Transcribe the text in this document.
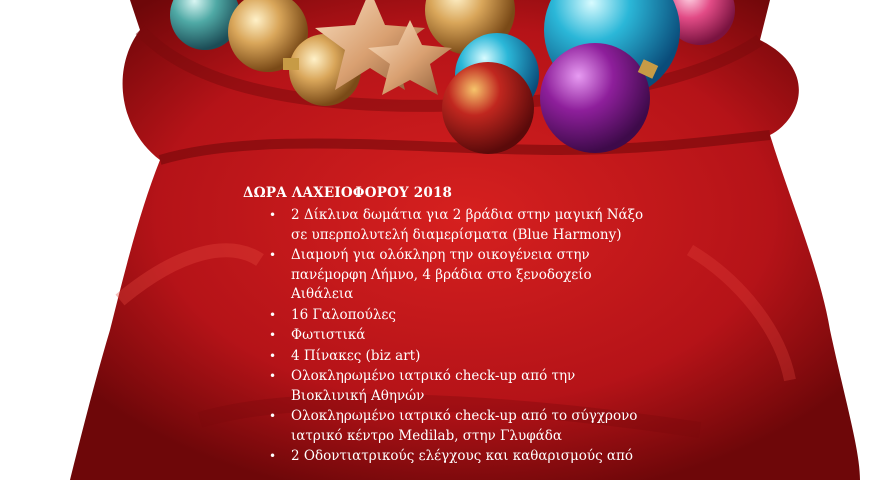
ΔΩΡΑ ΛΑΧΕΙΟΦΟΡΟΥ 2018
• 2 Δίκλινα δωμάτια για 2 βράδια στην μαγική Νάξο
σε υπερπολυτελή διαμερίσματα (Blue Harmony)
• Διαμονή για ολόκληρη την οικογένεια στην
πανέμορφη Λήμνο, 4 βράδια στο ξενοδοχείο
Αιθάλεια
• 16 Γαλοπούλες
• Φωτιστικά
• 4 Πίνακες (biz art)
• Ολοκληρωμένο ιατρικό check-up από την
Βιοκλινική Αθηνών
• Ολοκληρωμένο ιατρικό check-up από το σύγχρονο
ιατρικό κέντρο Medilab, στην Γλυφάδα
• 2 Οδοντιατρικούς ελέγχους και καθαρισμούς από
